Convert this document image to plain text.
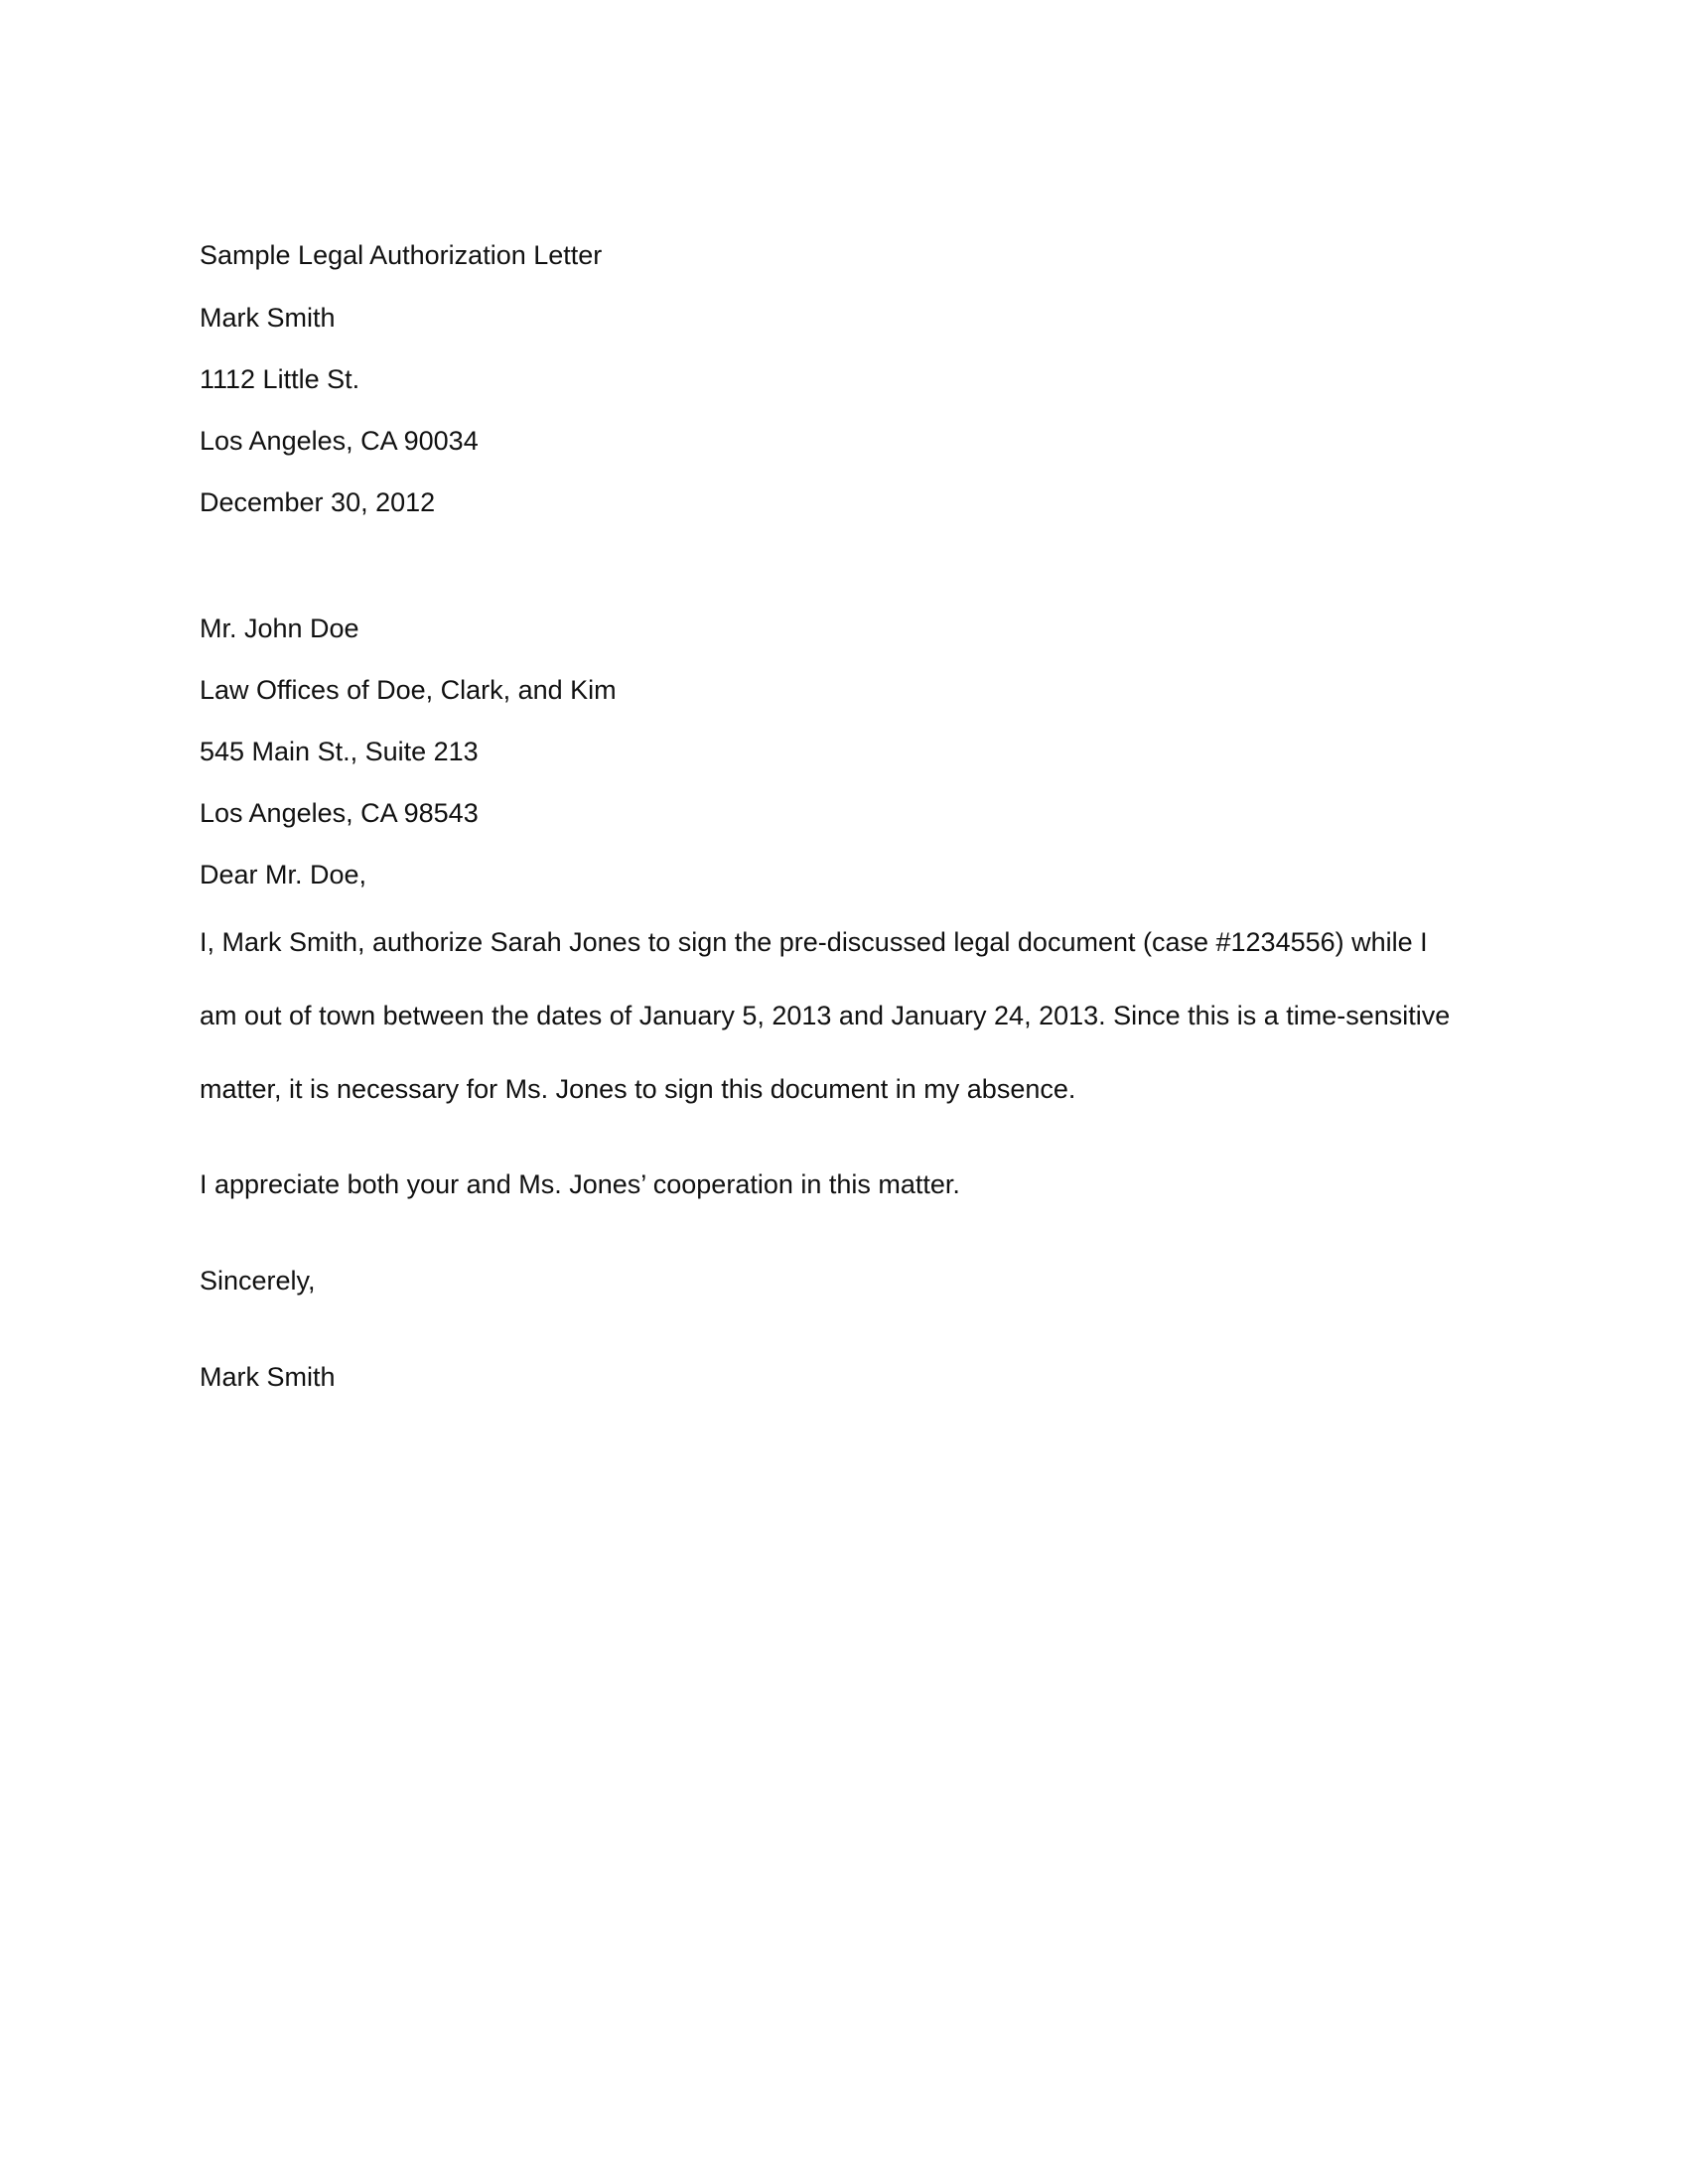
Sample Legal Authorization Letter

Mark Smith

1112 Little St.

Los Angeles, CA 90034

December 30, 2012

Mr. John Doe

Law Offices of Doe, Clark, and Kim

545 Main St., Suite 213

Los Angeles, CA 98543

Dear Mr. Doe,

I, Mark Smith, authorize Sarah Jones to sign the pre-discussed legal document (case #1234556) while I

am out of town between the dates of January 5, 2013 and January 24, 2013. Since this is a time-sensitive

matter, it is necessary for Ms. Jones to sign this document in my absence.

I appreciate both your and Ms. Jones’ cooperation in this matter.

Sincerely,

Mark Smith
